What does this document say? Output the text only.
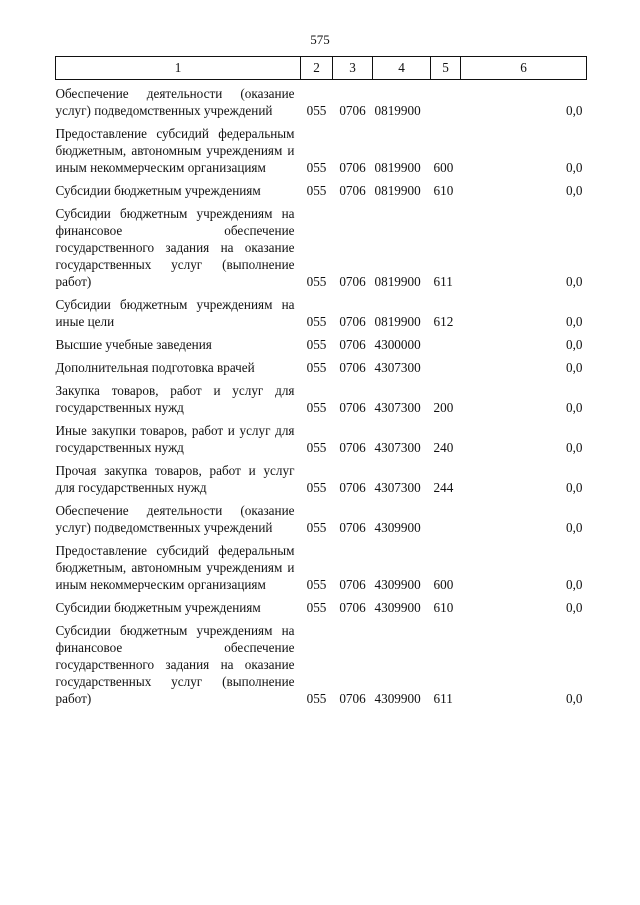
575
1	2	3	4	5	6
Обеспечение деятельности (оказание услуг) подведомственных учреждений	055	0706	0819900		0,0
Предоставление субсидий федеральным бюджетным, автономным учреждениям и иным некоммерческим организациям	055	0706	0819900	600	0,0
Субсидии бюджетным учреждениям	055	0706	0819900	610	0,0
Субсидии бюджетным учреждениям на финансовое обеспечение государственного задания на оказание государственных услуг (выполнение работ)	055	0706	0819900	611	0,0
Субсидии бюджетным учреждениям на иные цели	055	0706	0819900	612	0,0
Высшие учебные заведения	055	0706	4300000		0,0
Дополнительная подготовка врачей	055	0706	4307300		0,0
Закупка товаров, работ и услуг для государственных нужд	055	0706	4307300	200	0,0
Иные закупки товаров, работ и услуг для государственных нужд	055	0706	4307300	240	0,0
Прочая закупка товаров, работ и услуг для государственных нужд	055	0706	4307300	244	0,0
Обеспечение деятельности (оказание услуг) подведомственных учреждений	055	0706	4309900		0,0
Предоставление субсидий федеральным бюджетным, автономным учреждениям и иным некоммерческим организациям	055	0706	4309900	600	0,0
Субсидии бюджетным учреждениям	055	0706	4309900	610	0,0
Субсидии бюджетным учреждениям на финансовое обеспечение государственного задания на оказание государственных услуг (выполнение работ)	055	0706	4309900	611	0,0
